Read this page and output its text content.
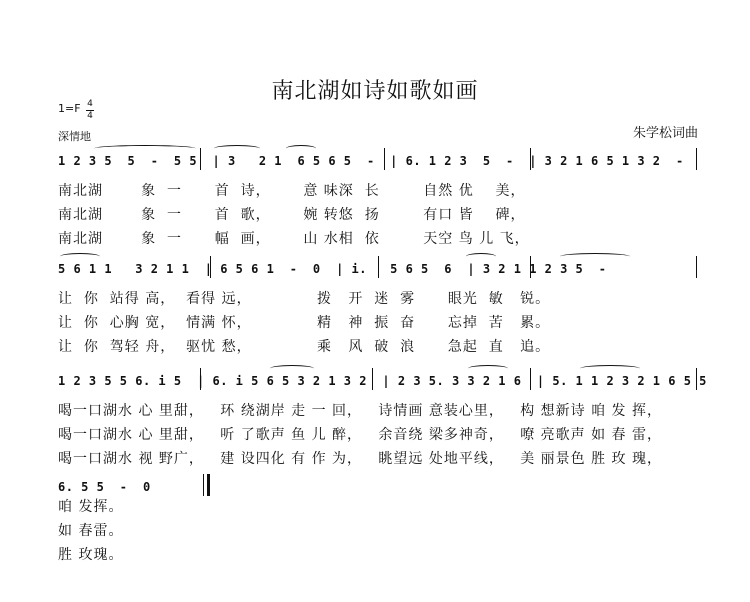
南北湖如诗如歌如画
1=F 4
4
深情地	朱学松词曲
1 2 3 5  5  -  5 5  | 3   2 1  6 5 6 5  -  | 6. 1 2 3  5  -  | 3 2 1 6 5 1 3 2  -
南北湖       象  一      首  诗，      意 味深  长        自然 优    美，
南北湖       象  一      首  歌，      婉 转悠  扬        有口 皆    碑，
南北湖       象  一      幅  画，      山 水相  依        天空 鸟 儿 飞，
5 6 1 1   3 2 1 1  | 6 5 6 1  -  0  | i.   5 6 5  6  | 3 2 1 1 2 3 5  -
让  你  站得 高，  看得 远，            拨   开  迷  雾      眼光  敏   锐。
让  你  心胸 宽，  情满 怀，            精   神  振  奋      忘掉  苦   累。
让  你  驾轻 舟，  驱忧 愁，            乘   风  破  浪      急起  直   追。
1 2 3 5 5 6. i 5  | 6. i 5 6 5 3 2 1 3 2  | 2 3 5. 3 3 2 1 6  | 5. 1 1 2 3 2 1 6 5 5
喝一口湖水 心 里甜，   环 绕湖岸 走 一 回，   诗情画 意装心里，   构 想新诗 咱 发 挥，
喝一口湖水 心 里甜，   听 了歌声 鱼 儿 醉，   余音绕 梁多神奇，   嘹 亮歌声 如 春 雷，
喝一口湖水 视 野广，   建 设四化 有 作 为，   眺望远 处地平线，   美 丽景色 胜 玫 瑰，
6. 5 5  -  0
咱 发挥。
如 春雷。
胜 玫瑰。
